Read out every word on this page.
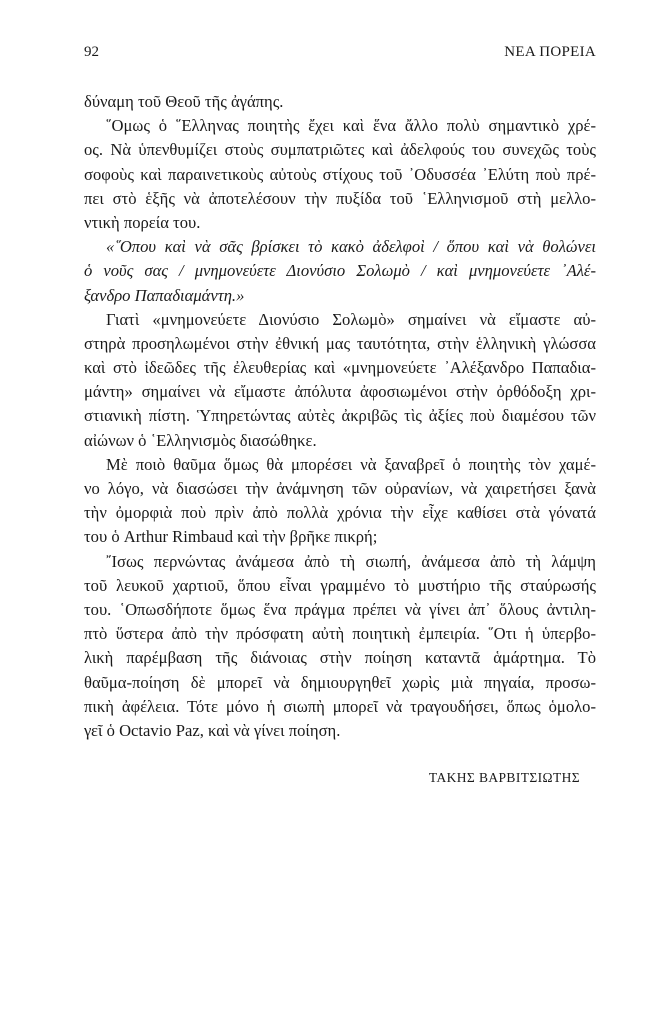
92	ΝΕΑ ΠΟΡΕΙΑ
δύναμη τοῦ Θεοῦ τῆς ἀγάπης.
῞Ομως ὁ ῞Ελληνας ποιητὴς ἔχει καὶ ἕνα ἄλλο πολὺ σημαντικὸ χρέ-
ος. Νὰ ὑπενθυμίζει στοὺς συμπατριῶτες καὶ ἀδελφούς του συνεχῶς τοὺς
σοφοὺς καὶ παραινετικοὺς αὐτοὺς στίχους τοῦ ᾿Οδυσσέα ᾿Ελύτη ποὺ πρέ-
πει στὸ ἑξῆς νὰ ἀποτελέσουν τὴν πυξίδα τοῦ ῾Ελληνισμοῦ στὴ μελλο-
ντικὴ πορεία του.
«῞Οπου καὶ νὰ σᾶς βρίσκει τὸ κακὸ ἀδελφοὶ / ὅπου καὶ νὰ θολώνει
ὁ νοῦς σας / μνημονεύετε Διονύσιο Σολωμὸ / καὶ μνημονεύετε ᾿Αλέ-
ξανδρο Παπαδιαμάντη.»
Γιατὶ «μνημονεύετε Διονύσιο Σολωμὸ» σημαίνει νὰ εἴμαστε αὐ-
στηρὰ προσηλωμένοι στὴν ἐθνική μας ταυτότητα, στὴν ἑλληνικὴ γλώσσα
καὶ στὸ ἰδεῶδες τῆς ἐλευθερίας καὶ «μνημονεύετε ᾿Αλέξανδρο Παπαδια-
μάντη» σημαίνει νὰ εἴμαστε ἀπόλυτα ἀφοσιωμένοι στὴν ὀρθόδοξη χρι-
στιανικὴ πίστη. Ὑπηρετώντας αὐτὲς ἀκριβῶς τὶς ἀξίες ποὺ διαμέσου τῶν
αἰώνων ὁ ῾Ελληνισμὸς διασώθηκε.
Μὲ ποιὸ θαῦμα ὅμως θὰ μπορέσει νὰ ξαναβρεῖ ὁ ποιητὴς τὸν χαμέ-
νο λόγο, νὰ διασώσει τὴν ἀνάμνηση τῶν οὐρανίων, νὰ χαιρετήσει ξανὰ
τὴν ὀμορφιὰ ποὺ πρὶν ἀπὸ πολλὰ χρόνια τὴν εἶχε καθίσει στὰ γόνατά
του ὁ Arthur Rimbaud καὶ τὴν βρῆκε πικρή;
῎Ισως περνώντας ἀνάμεσα ἀπὸ τὴ σιωπή, ἀνάμεσα ἀπὸ τὴ λάμψη
τοῦ λευκοῦ χαρτιοῦ, ὅπου εἶναι γραμμένο τὸ μυστήριο τῆς σταύρωσής
του. ῾Οπωσδήποτε ὅμως ἕνα πράγμα πρέπει νὰ γίνει ἀπ᾿ ὅλους ἀντιλη-
πτὸ ὕστερα ἀπὸ τὴν πρόσφατη αὐτὴ ποιητικὴ ἐμπειρία. ῞Οτι ἡ ὑπερβο-
λικὴ παρέμβαση τῆς διάνοιας στὴν ποίηση καταντᾶ ἁμάρτημα. Τὸ
θαῦμα-ποίηση δὲ μπορεῖ νὰ δημιουργηθεῖ χωρὶς μιὰ πηγαία, προσω-
πικὴ ἀφέλεια. Τότε μόνο ἡ σιωπὴ μπορεῖ νὰ τραγουδήσει, ὅπως ὁμολο-
γεῖ ὁ Octavio Paz, καὶ νὰ γίνει ποίηση.
ΤΑΚΗΣ ΒΑΡΒΙΤΣΙΩΤΗΣ
